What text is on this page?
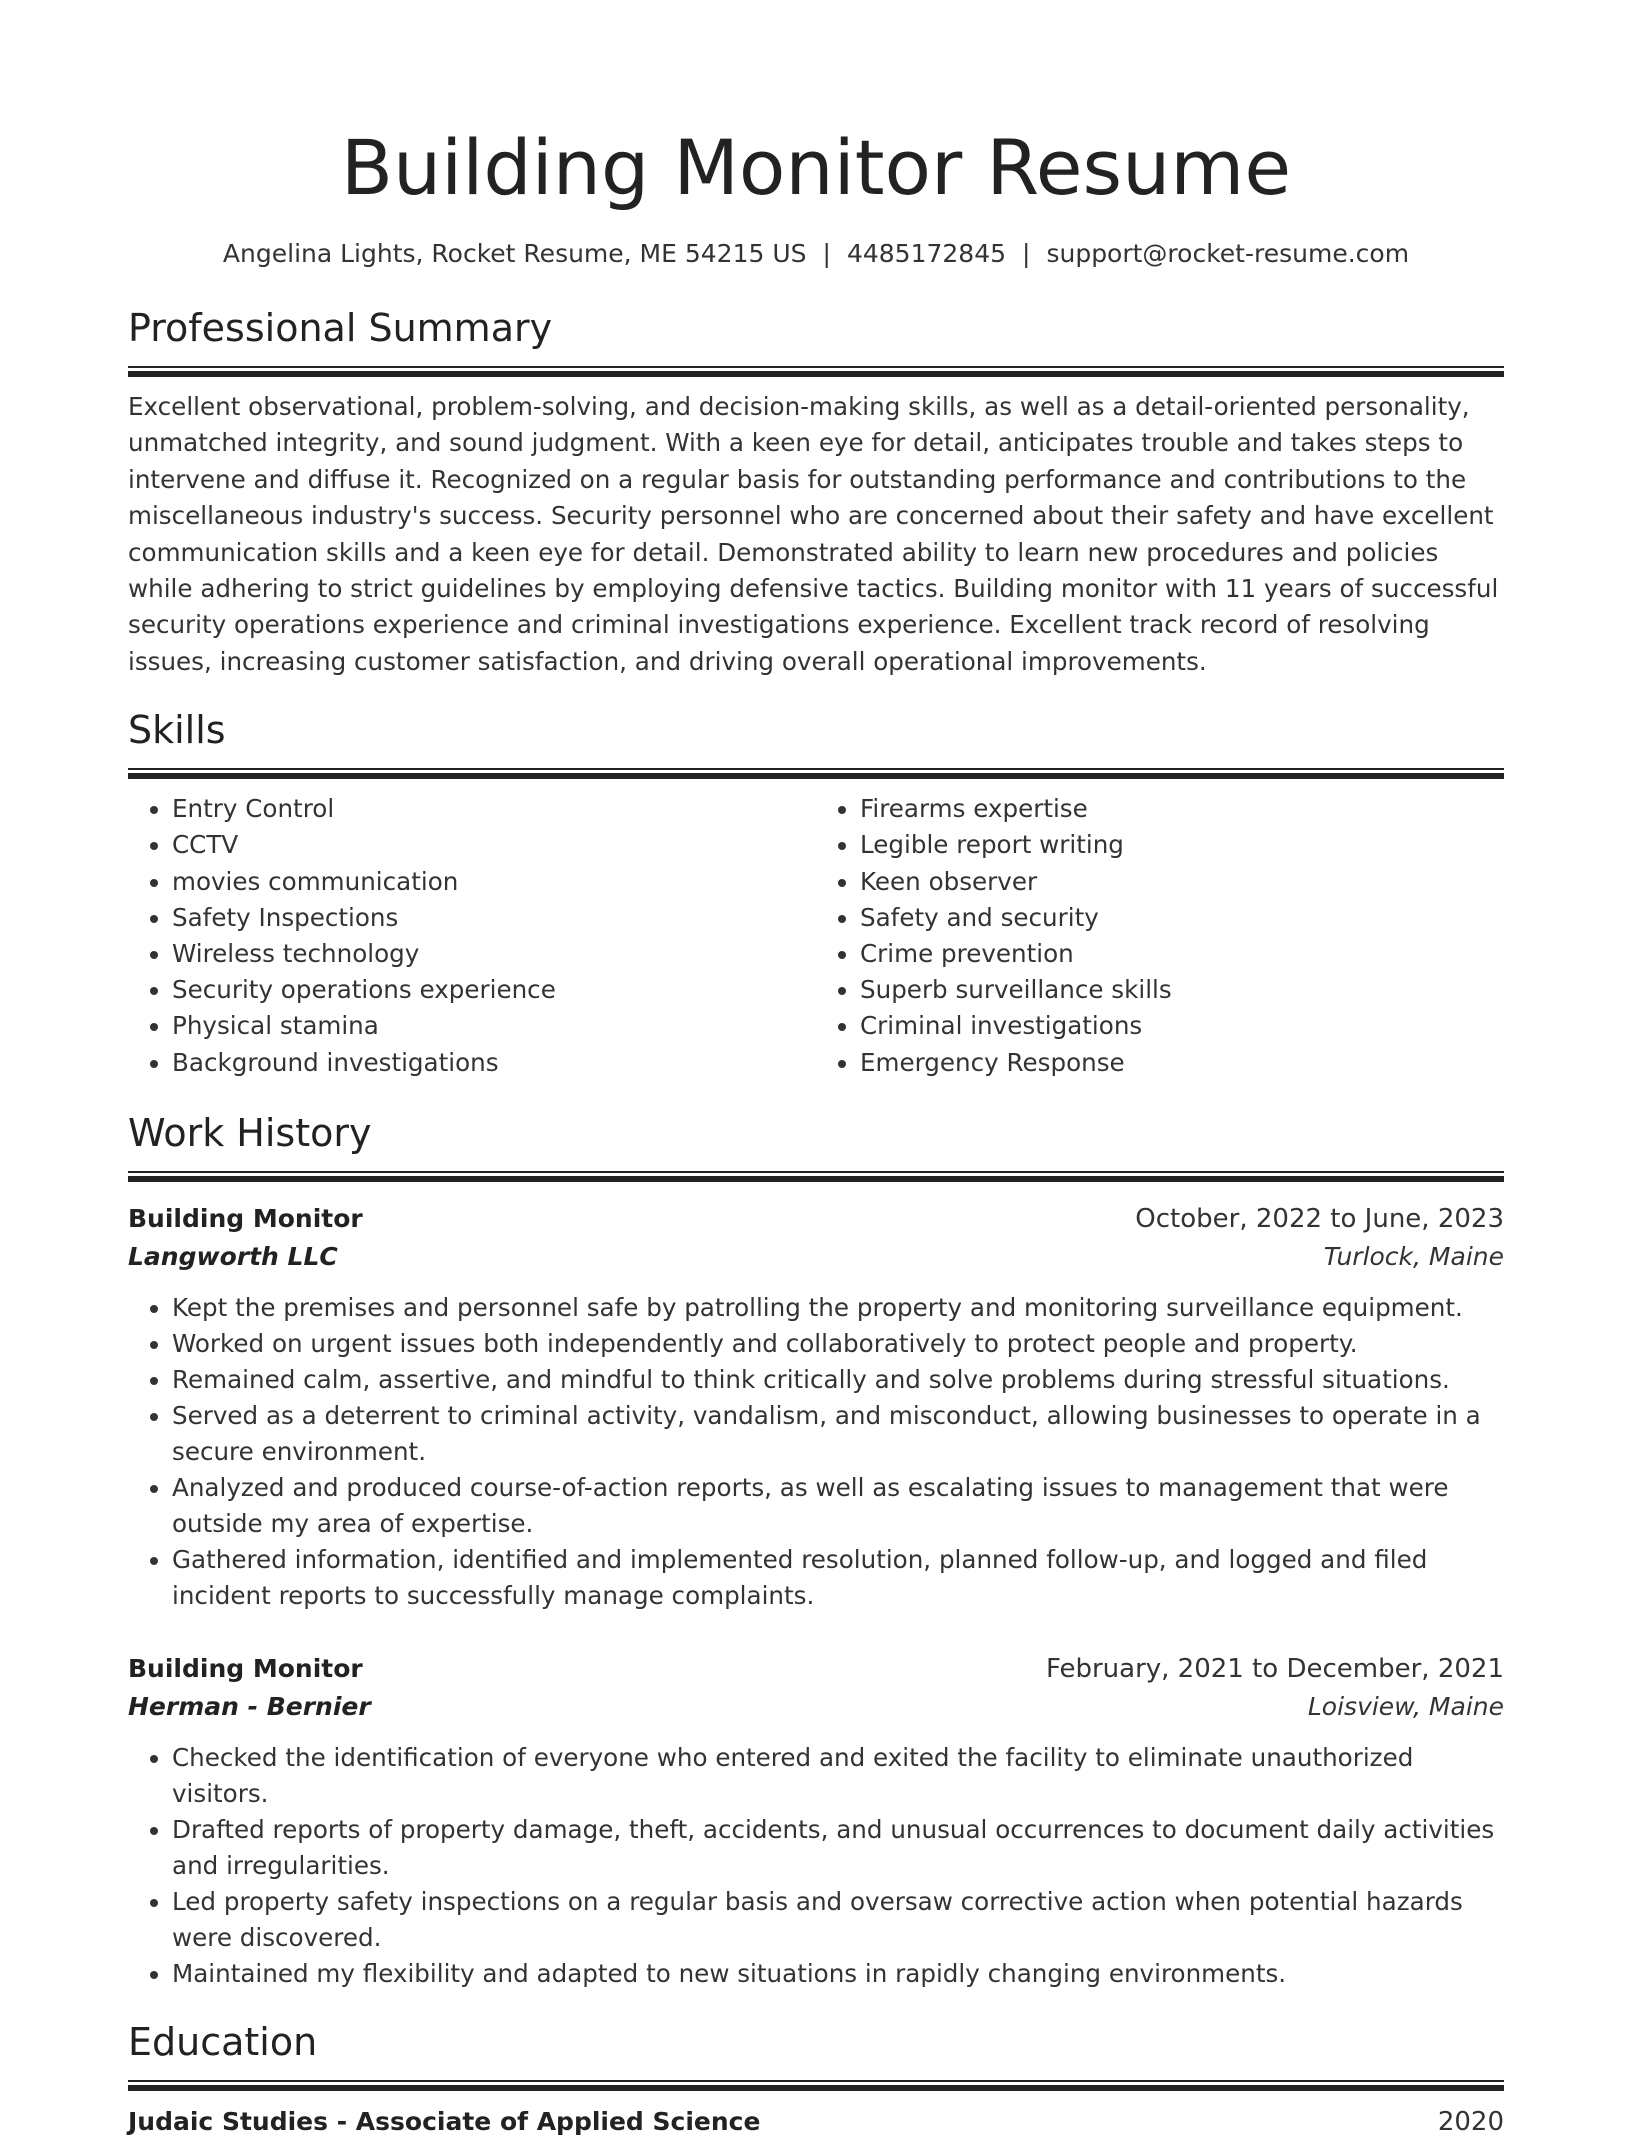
Building Monitor Resume
Angelina Lights, Rocket Resume, ME 54215 US | 4485172845 | support@rocket-resume.com
Professional Summary

Excellent observational, problem-solving, and decision-making skills, as well as a detail-oriented personality, unmatched integrity, and sound judgment. With a keen eye for detail, anticipates trouble and takes steps to intervene and diffuse it. Recognized on a regular basis for outstanding performance and contributions to the miscellaneous industry's success. Security personnel who are concerned about their safety and have excellent communication skills and a keen eye for detail. Demonstrated ability to learn new procedures and policies while adhering to strict guidelines by employing defensive tactics. Building monitor with 11 years of successful security operations experience and criminal investigations experience. Excellent track record of resolving issues, increasing customer satisfaction, and driving overall operational improvements.

Skills
• Entry Control
• CCTV
• movies communication
• Safety Inspections
• Wireless technology
• Security operations experience
• Physical stamina
• Background investigations
• Firearms expertise
• Legible report writing
• Keen observer
• Safety and security
• Crime prevention
• Superb surveillance skills
• Criminal investigations
• Emergency Response
Work History
Building Monitor	October, 2022 to June, 2023
Langworth LLC	Turlock, Maine
• Kept the premises and personnel safe by patrolling the property and monitoring surveillance equipment.
• Worked on urgent issues both independently and collaboratively to protect people and property.
• Remained calm, assertive, and mindful to think critically and solve problems during stressful situations.
• Served as a deterrent to criminal activity, vandalism, and misconduct, allowing businesses to operate in a secure environment.
• Analyzed and produced course-of-action reports, as well as escalating issues to management that were outside my area of expertise.
• Gathered information, identified and implemented resolution, planned follow-up, and logged and filed incident reports to successfully manage complaints.
Building Monitor	February, 2021 to December, 2021
Herman - Bernier	Loisview, Maine
• Checked the identification of everyone who entered and exited the facility to eliminate unauthorized visitors.
• Drafted reports of property damage, theft, accidents, and unusual occurrences to document daily activities and irregularities.
• Led property safety inspections on a regular basis and oversaw corrective action when potential hazards were discovered.
• Maintained my flexibility and adapted to new situations in rapidly changing environments.
Education
Judaic Studies - Associate of Applied Science	2020
